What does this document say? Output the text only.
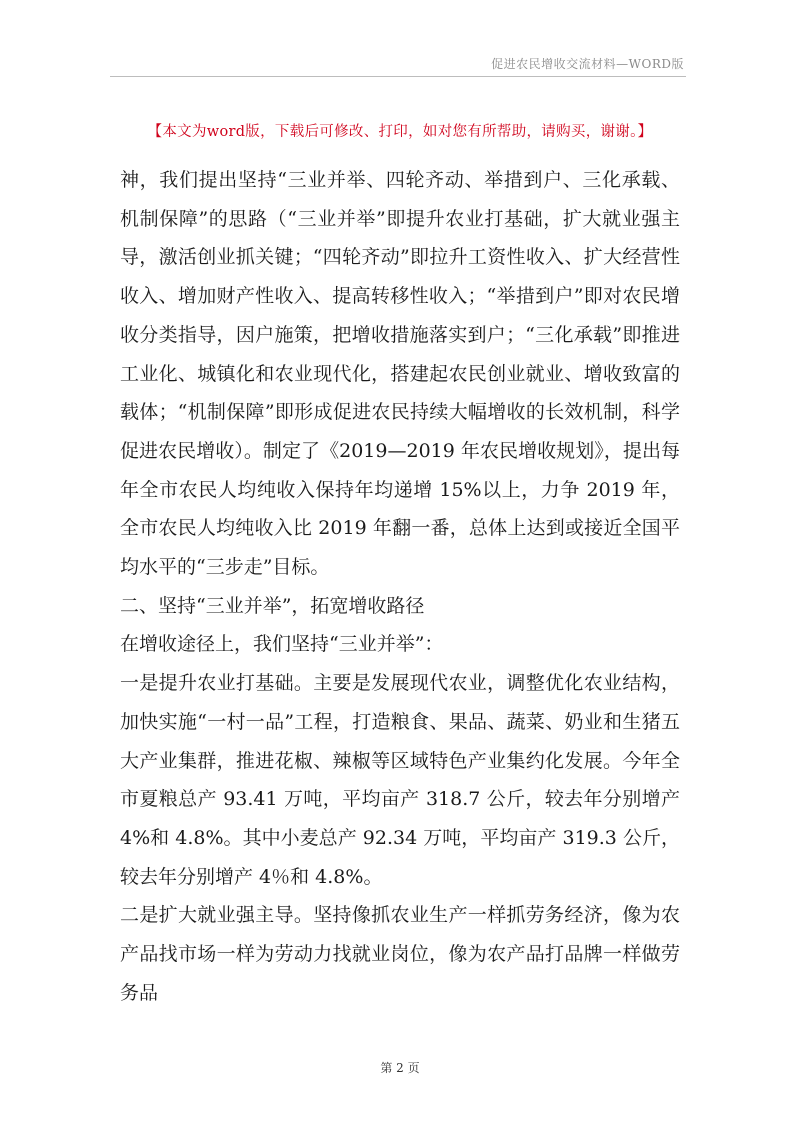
促进农民增收交流材料—WORD版
【本文为word版，下载后可修改、打印，如对您有所帮助，请购买，谢谢。】

神，我们提出坚持“三业并举、四轮齐动、举措到户、三化承载、机制保障”的思路（“三业并举”即提升农业打基础，扩大就业强主导，激活创业抓关键；“四轮齐动”即拉升工资性收入、扩大经营性收入、增加财产性收入、提高转移性收入；“举措到户”即对农民增收分类指导，因户施策，把增收措施落实到户；“三化承载”即推进工业化、城镇化和农业现代化，搭建起农民创业就业、增收致富的载体；“机制保障”即形成促进农民持续大幅增收的长效机制，科学促进农民增收）。制定了《2019—2019 年农民增收规划》，提出每年全市农民人均纯收入保持年均递增 15%以上，力争 2019 年，全市农民人均纯收入比 2019 年翻一番，总体上达到或接近全国平均水平的“三步走”目标。

二、坚持“三业并举”，拓宽增收路径

在增收途径上，我们坚持“三业并举”：

一是提升农业打基础。主要是发展现代农业，调整优化农业结构，加快实施“一村一品”工程，打造粮食、果品、蔬菜、奶业和生猪五大产业集群，推进花椒、辣椒等区域特色产业集约化发展。今年全市夏粮总产 93.41 万吨，平均亩产 318.7 公斤，较去年分别增产 4%和 4.8%。其中小麦总产 92.34 万吨，平均亩产 319.3 公斤，较去年分别增产 4％和 4.8%。

二是扩大就业强主导。坚持像抓农业生产一样抓劳务经济，像为农产品找市场一样为劳动力找就业岗位，像为农产品打品牌一样做劳务品

第 2 页
